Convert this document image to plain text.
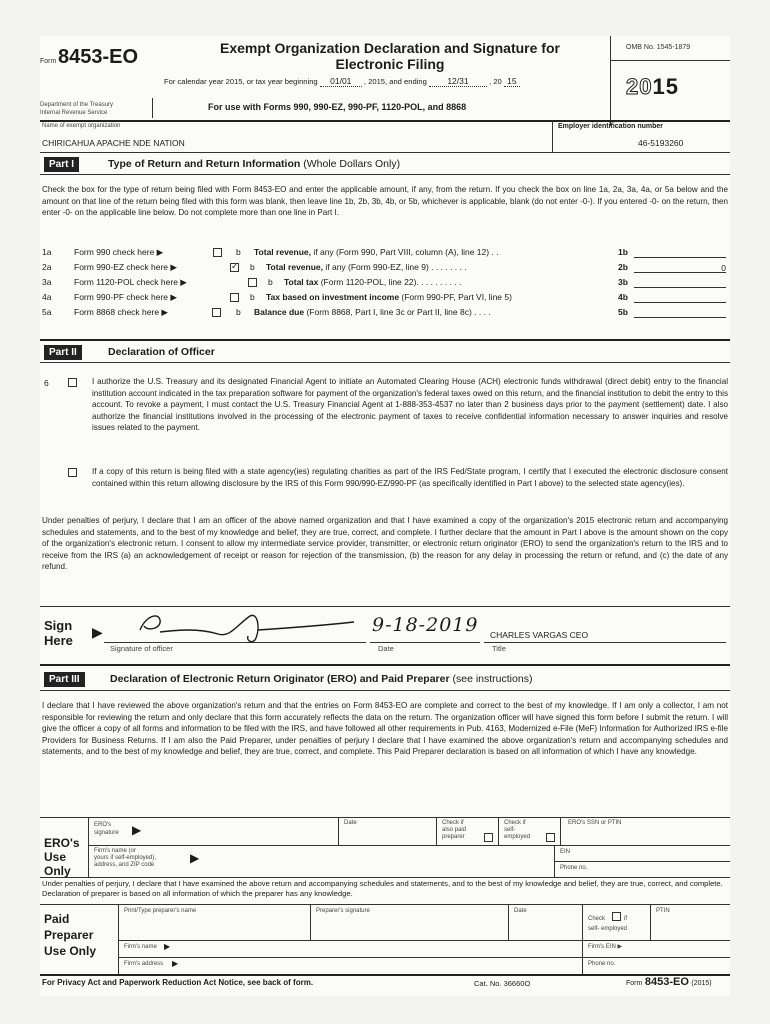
Form 8453-EO	Exempt Organization Declaration and Signature for
Electronic Filing
For calendar year 2015, or tax year beginning 01/01 , 2015, and ending 12/31	, 20 15
OMB No. 1545-1879
2015
Department of the Treasury
Internal Revenue Service
For use with Forms 990, 990-EZ, 990-PF, 1120-POL, and 8868
Name of exempt organization
CHIRICAHUA APACHE NDE NATION
Employer identification number
46-5193260
Part I	Type of Return and Return Information (Whole Dollars Only)
Check the box for the type of return being filed with Form 8453-EO and enter the applicable amount, if any, from the return. If you check the box on line 1a, 2a, 3a, 4a, or 5a below and the amount on that line of the return being filed with this form was blank, then leave line 1b, 2b, 3b, 4b, or 5b, whichever is applicable, blank (do not enter -0-). If you entered -0- on the return, then enter -0- on the applicable line below. Do not complete more than one line in Part I.
1a	Form 990 check here ▶	b Total revenue, if any (Form 990, Part VIII, column (A), line 12) . .	1b
2a	Form 990-EZ check here ▶
✓	b Total revenue, if any (Form 990-EZ, line 9) . . . . . . . .	2b	0
3a	Form 1120-POL check here ▶	b Total tax (Form 1120-POL, line 22). . . . . . . . . .	3b
4a	Form 990-PF check here ▶	b Tax based on investment income (Form 990-PF, Part VI, line 5)	4b
5a	Form 8868 check here ▶	b Balance due (Form 8868, Part I, line 3c or Part II, line 8c) . . . .	5b
Part II	Declaration of Officer
6	I authorize the U.S. Treasury and its designated Financial Agent to initiate an Automated Clearing House (ACH) electronic funds withdrawal (direct debit) entry to the financial institution account indicated in the tax preparation software for payment of the organization's federal taxes owed on this return, and the financial institution to debit the entry to this account. To revoke a payment, I must contact the U.S. Treasury Financial Agent at 1-888-353-4537 no later than 2 business days prior to the payment (settlement) date. I also authorize the financial institutions involved in the processing of the electronic payment of taxes to receive confidential information necessary to answer inquiries and resolve issues related to the payment.
If a copy of this return is being filed with a state agency(ies) regulating charities as part of the IRS Fed/State program, I certify that I executed the electronic disclosure consent contained within this return allowing disclosure by the IRS of this Form 990/990-EZ/990-PF (as specifically identified in Part I above) to the selected state agency(ies).
Under penalties of perjury, I declare that I am an officer of the above named organization and that I have examined a copy of the organization's 2015 electronic return and accompanying schedules and statements, and to the best of my knowledge and belief, they are true, correct, and complete. I further declare that the amount in Part I above is the amount shown on the copy of the organization's electronic return. I consent to allow my intermediate service provider, transmitter, or electronic return originator (ERO) to send the organization's return to the IRS and to receive from the IRS (a) an acknowledgement of receipt or reason for rejection of the transmission, (b) the reason for any delay in processing the return or refund, and (c) the date of any refund.
Sign
Here
▶
Signature of officer
9-18-2019
Date
CHARLES VARGAS CEO
Title
Part III	Declaration of Electronic Return Originator (ERO) and Paid Preparer (see instructions)
I declare that I have reviewed the above organization's return and that the entries on Form 8453-EO are complete and correct to the best of my knowledge. If I am only a collector, I am not responsible for reviewing the return and only declare that this form accurately reflects the data on the return. The organization officer will have signed this form before I submit the return. I will give the officer a copy of all forms and information to be filed with the IRS, and have followed all other requirements in Pub. 4163, Modernized e-File (MeF) Information for Authorized IRS e-file Providers for Business Returns. If I am also the Paid Preparer, under penalties of perjury I declare that I have examined the above organization's return and accompanying schedules and statements, and to the best of my knowledge and belief, they are true, correct, and complete. This Paid Preparer declaration is based on all information of which I have any knowledge.
ERO's
Use
Only
ERO's
signature ▶	Date	Check if
also paid
preparer
Check if
self-
employed
ERO's SSN or PTIN
Firm's name (or
yours if self-employed),
address, and ZIP code	▶	EIN
Phone no.
Under penalties of perjury, I declare that I have examined the above return and accompanying schedules and statements, and to the best of my knowledge and belief, they are true, correct, and complete. Declaration of preparer is based on all information of which the preparer has any knowledge.
Paid
Preparer
Use Only
Print/Type preparer's name	Preparer's signature	Date
Check	if
self- employed
PTIN
Firm's name ▶	Firm's EIN ▶
Firm's address ▶	Phone no.
For Privacy Act and Paperwork Reduction Act Notice, see back of form.	Cat. No. 36660O	Form 8453-EO (2015)
